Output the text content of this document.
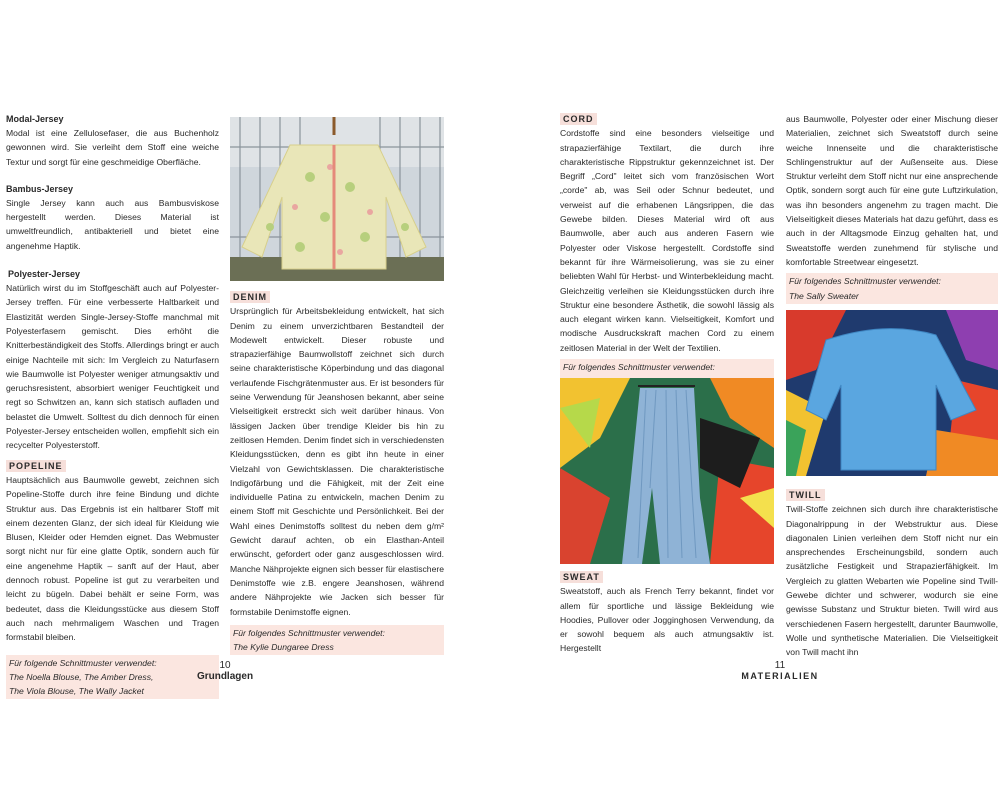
Modal-Jersey

Modal ist eine Zellulosefaser, die aus Buchenholz gewonnen wird. Sie verleiht dem Stoff eine weiche Textur und sorgt für eine geschmeidige Oberfläche.

Bambus-Jersey

Single Jersey kann auch aus Bambusviskose hergestellt werden. Dieses Material ist umweltfreundlich, antibakteriell und bietet eine angenehme Haptik.

Polyester-Jersey

Natürlich wirst du im Stoffgeschäft auch auf Polyester-Jersey treffen. Für eine verbesserte Haltbarkeit und Elastizität werden Single-Jersey-Stoffe manchmal mit Polyesterfasern gemischt. Dies erhöht die Knitterbeständigkeit des Stoffs. Allerdings bringt er auch einige Nachteile mit sich: Im Vergleich zu Naturfasern wie Baumwolle ist Polyester weniger atmungsaktiv und geruchsresistent, absorbiert weniger Feuchtigkeit und regt so Schwitzen an, kann sich statisch aufladen und belastet die Umwelt. Solltest du dich dennoch für einen Polyester-Jersey entscheiden wollen, empfiehlt sich ein recycelter Polyesterstoff.

POPELINE

Hauptsächlich aus Baumwolle gewebt, zeichnen sich Popeline-Stoffe durch ihre feine Bindung und dichte Struktur aus. Das Ergebnis ist ein haltbarer Stoff mit einem dezenten Glanz, der sich ideal für Kleidung wie Blusen, Kleider oder Hemden eignet. Das Webmuster sorgt nicht nur für eine glatte Optik, sondern auch für eine angenehme Haptik – sanft auf der Haut, aber dennoch robust. Popeline ist gut zu verarbeiten und leicht zu bügeln. Dabei behält er seine Form, was bedeutet, dass die Kleidungsstücke aus diesem Stoff auch nach mehrmaligem Waschen und Tragen formstabil bleiben.

Für folgende Schnittmuster verwendet:
The Noella Blouse, The Amber Dress,
The Viola Blouse, The Wally Jacket
DENIM

Ursprünglich für Arbeitsbekleidung entwickelt, hat sich Denim zu einem unverzichtbaren Bestandteil der Modewelt entwickelt. Dieser robuste und strapazierfähige Baumwollstoff zeichnet sich durch seine charakteristische Köperbindung und das diagonal verlaufende Fischgrätenmuster aus. Er ist besonders für seine Verwendung für Jeanshosen bekannt, aber seine Vielseitigkeit erstreckt sich weit darüber hinaus. Von lässigen Jacken über trendige Kleider bis hin zu zeitlosen Hemden. Denim findet sich in verschiedensten Kleidungsstücken, denn es gibt ihn heute in einer Vielzahl von Gewichtsklassen. Die charakteristische Indigofärbung und die Fähigkeit, mit der Zeit eine individuelle Patina zu entwickeln, machen Denim zu einem Stoff mit Geschichte und Persönlichkeit. Bei der Wahl eines Denimstoffs solltest du neben dem g/m² Gewicht darauf achten, ob ein Elasthan-Anteil erwünscht, gefordert oder ganz ausgeschlossen wird. Manche Nähprojekte eignen sich besser für elastischere Denimstoffe wie z.B. engere Jeanshosen, während andere Nähprojekte wie Jacken sich besser für formstabile Denimstoffe eignen.

Für folgendes Schnittmuster verwendet:
The Kylie Dungaree Dress
10
Grundlagen
CORD

Cordstoffe sind eine besonders vielseitige und strapazierfähige Textilart, die durch ihre charakteristische Rippstruktur gekennzeichnet ist. Der Begriff „Cord" leitet sich vom französischen Wort „corde" ab, was Seil oder Schnur bedeutet, und verweist auf die erhabenen Längsrippen, die das Gewebe bilden. Dieses Material wird oft aus Baumwolle, aber auch aus anderen Fasern wie Polyester oder Viskose hergestellt. Cordstoffe sind bekannt für ihre Wärmeisolierung, was sie zu einer beliebten Wahl für Herbst- und Winterbekleidung macht. Gleichzeitig verleihen sie Kleidungsstücken durch ihre Struktur eine besondere Ästhetik, die sowohl lässig als auch elegant wirken kann. Vielseitigkeit, Komfort und modische Ausdruckskraft machen Cord zu einem zeitlosen Material in der Welt der Textilien.

Für folgendes Schnittmuster verwendet:
SWEAT

Sweatstoff, auch als French Terry bekannt, findet vor allem für sportliche und lässige Bekleidung wie Hoodies, Pullover oder Jogginghosen Verwendung, da er sowohl bequem als auch atmungsaktiv ist. Hergestellt

aus Baumwolle, Polyester oder einer Mischung dieser Materialien, zeichnet sich Sweatstoff durch seine weiche Innenseite und die charakteristische Schlingenstruktur auf der Außenseite aus. Diese Struktur verleiht dem Stoff nicht nur eine ansprechende Optik, sondern sorgt auch für eine gute Luftzirkulation, was ihn besonders angenehm zu tragen macht. Die Vielseitigkeit dieses Materials hat dazu geführt, dass es auch in der Alltagsmode Einzug gehalten hat, und Sweatstoffe werden zunehmend für stylische und komfortable Streetwear eingesetzt.

Für folgendes Schnittmuster verwendet:
The Sally Sweater
TWILL

Twill-Stoffe zeichnen sich durch ihre charakteristische Diagonalrippung in der Webstruktur aus. Diese diagonalen Linien verleihen dem Stoff nicht nur ein ansprechendes Erscheinungsbild, sondern auch zusätzliche Festigkeit und Strapazierfähigkeit. Im Vergleich zu glatten Webarten wie Popeline sind Twill-Gewebe dichter und schwerer, wodurch sie eine gewisse Substanz und Struktur bieten. Twill wird aus verschiedenen Fasern hergestellt, darunter Baumwolle, Wolle und synthetische Materialien. Die Vielseitigkeit von Twill macht ihn

11
MATERIALIEN
